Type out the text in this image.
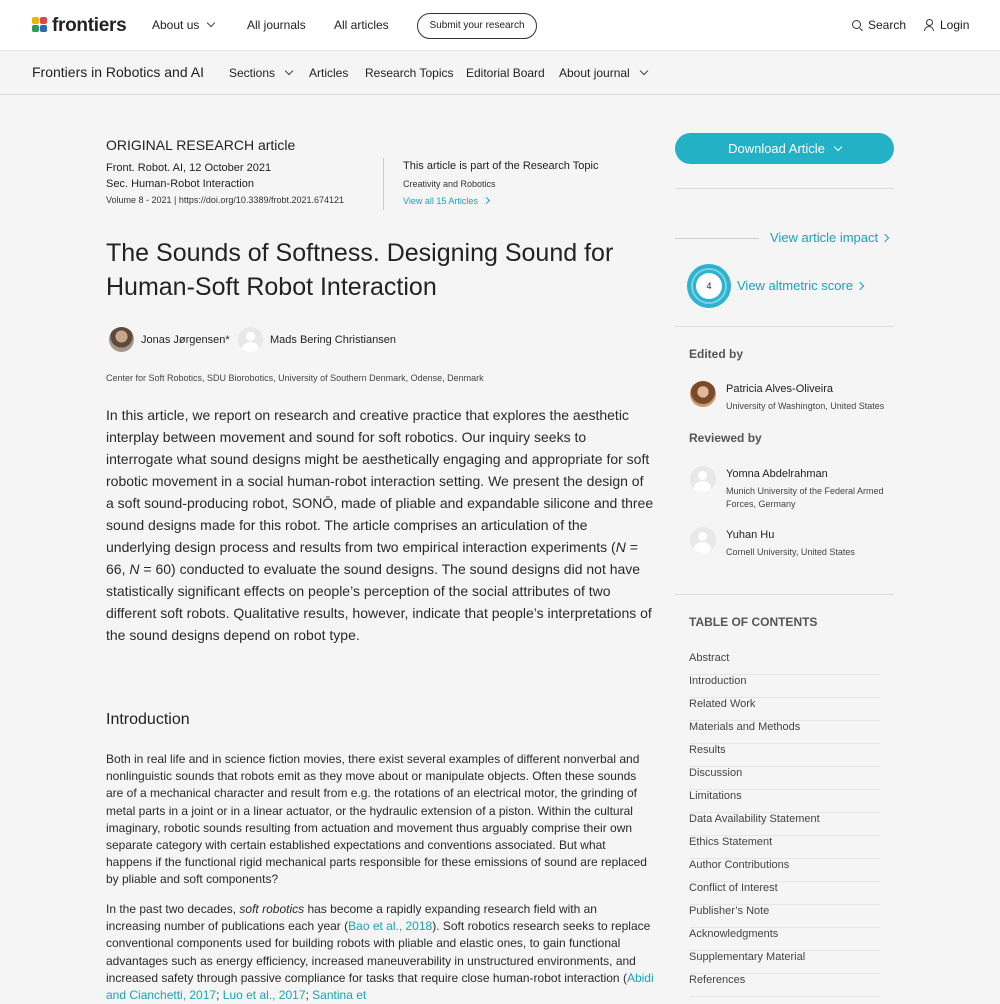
frontiers About us	All journals All articles	Submit your research	Search	Login
Frontiers in Robotics and AI Sections	Articles Research Topics Editorial Board About journal
ORIGINAL RESEARCH article
Front. Robot. AI, 12 October 2021
Sec. Human-Robot Interaction
Volume 8 - 2021 | https://doi.org/10.3389/frobt.2021.674121
This article is part of the Research Topic
Creativity and Robotics
View all 15 Articles
The Sounds of Softness. Designing Sound for Human-Soft Robot Interaction
Jonas Jørgensen*	Mads Bering Christiansen
Center for Soft Robotics, SDU Biorobotics, University of Southern Denmark, Odense, Denmark
In this article, we report on research and creative practice that explores the aesthetic interplay between movement and sound for soft robotics. Our inquiry seeks to interrogate what sound designs might be aesthetically engaging and appropriate for soft robotic movement in a social human-robot interaction setting. We present the design of a soft sound-producing robot, SONŌ, made of pliable and expandable silicone and three sound designs made for this robot. The article comprises an articulation of the underlying design process and results from two empirical interaction experiments (N = 66, N = 60) conducted to evaluate the sound designs. The sound designs did not have statistically significant effects on people’s perception of the social attributes of two different soft robots. Qualitative results, however, indicate that people’s interpretations of the sound designs depend on robot type.
Introduction
Both in real life and in science fiction movies, there exist several examples of different nonverbal and nonlinguistic sounds that robots emit as they move about or manipulate objects. Often these sounds are of a mechanical character and result from e.g. the rotations of an electrical motor, the grinding of metal parts in a joint or in a linear actuator, or the hydraulic extension of a piston. Within the cultural imaginary, robotic sounds resulting from actuation and movement thus arguably comprise their own separate category with certain established expectations and conventions associated. But what happens if the functional rigid mechanical parts responsible for these emissions of sound are replaced by pliable and soft components?
In the past two decades, soft robotics has become a rapidly expanding research field with an increasing number of publications each year (Bao et al., 2018). Soft robotics research seeks to replace conventional components used for building robots with pliable and elastic ones, to gain functional advantages such as energy efficiency, increased maneuverability in unstructured environments, and increased safety through passive compliance for tasks that require close human-robot interaction (Abidi and Cianchetti, 2017; Luo et al., 2017; Santina et
Download Article
View article impact
4	View altmetric score
Edited by
Patricia Alves-Oliveira
University of Washington, United States
Reviewed by
Yomna Abdelrahman
Munich University of the Federal Armed Forces, Germany
Yuhan Hu
Cornell University, United States
TABLE OF CONTENTS
Abstract
Introduction
Related Work
Materials and Methods
Results
Discussion
Limitations
Data Availability Statement
Ethics Statement
Author Contributions
Conflict of Interest
Publisher’s Note
Acknowledgments
Supplementary Material
References
